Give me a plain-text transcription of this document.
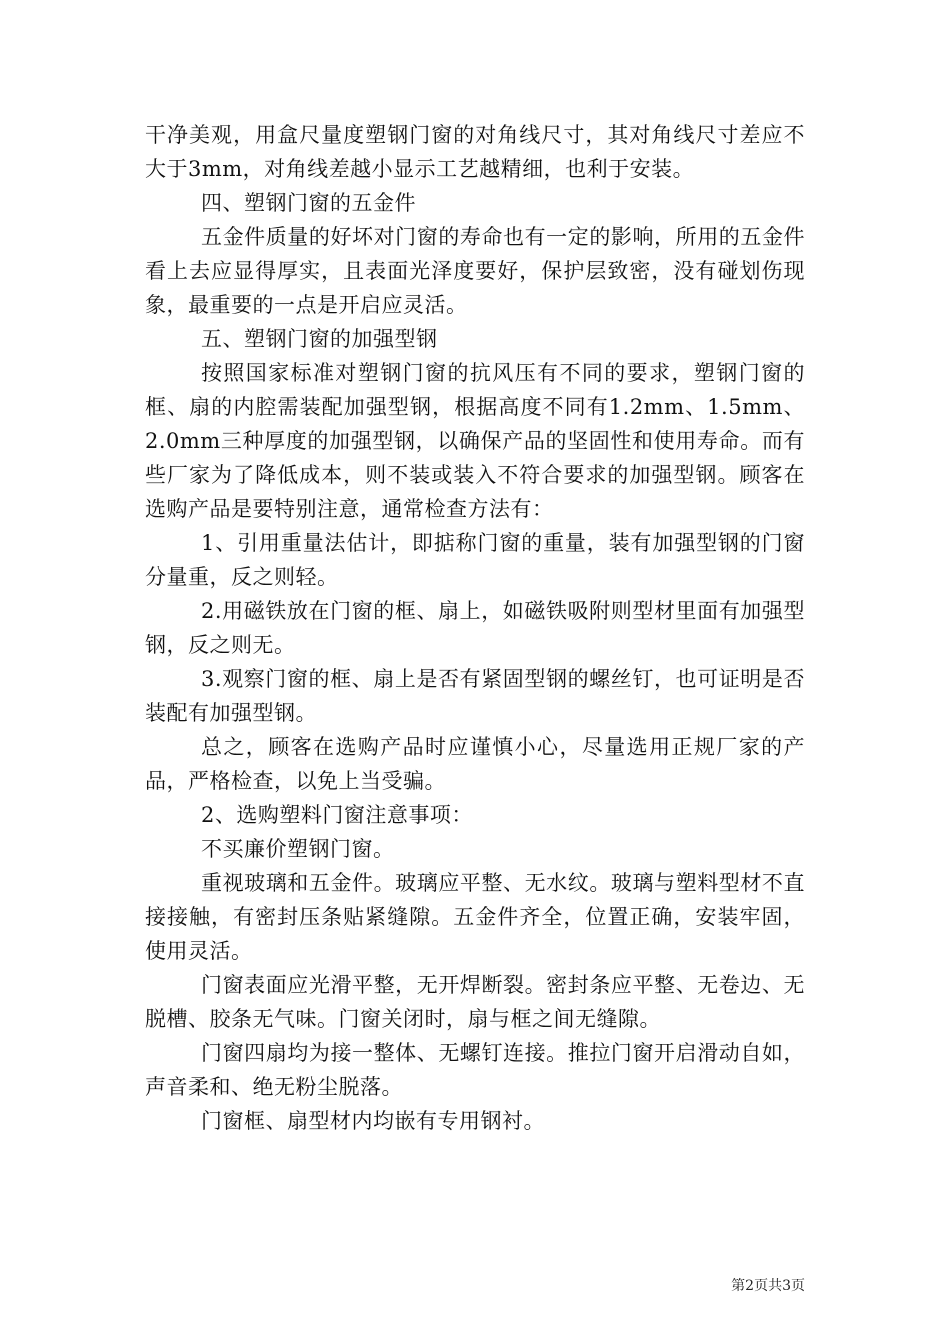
干净美观，用盒尺量度塑钢门窗的对角线尺寸，其对角线尺寸差应不大于3mm，对角线差越小显示工艺越精细，也利于安装。

四、塑钢门窗的五金件

五金件质量的好坏对门窗的寿命也有一定的影响，所用的五金件看上去应显得厚实，且表面光泽度要好，保护层致密，没有碰划伤现象，最重要的一点是开启应灵活。

五、塑钢门窗的加强型钢

按照国家标准对塑钢门窗的抗风压有不同的要求，塑钢门窗的框、扇的内腔需装配加强型钢，根据高度不同有1.2mm、1.5mm、2.0mm三种厚度的加强型钢，以确保产品的坚固性和使用寿命。而有些厂家为了降低成本，则不装或装入不符合要求的加强型钢。顾客在选购产品是要特别注意，通常检查方法有：

1、引用重量法估计，即掂称门窗的重量，装有加强型钢的门窗分量重，反之则轻。

2.用磁铁放在门窗的框、扇上，如磁铁吸附则型材里面有加强型钢，反之则无。

3.观察门窗的框、扇上是否有紧固型钢的螺丝钉，也可证明是否装配有加强型钢。

总之，顾客在选购产品时应谨慎小心，尽量选用正规厂家的产品，严格检查，以免上当受骗。

2、选购塑料门窗注意事项：

不买廉价塑钢门窗。

重视玻璃和五金件。玻璃应平整、无水纹。玻璃与塑料型材不直接接触，有密封压条贴紧缝隙。五金件齐全，位置正确，安装牢固，使用灵活。

门窗表面应光滑平整，无开焊断裂。密封条应平整、无卷边、无脱槽、胶条无气味。门窗关闭时，扇与框之间无缝隙。

门窗四扇均为接一整体、无螺钉连接。推拉门窗开启滑动自如，声音柔和、绝无粉尘脱落。

门窗框、扇型材内均嵌有专用钢衬。

第2页共3页
